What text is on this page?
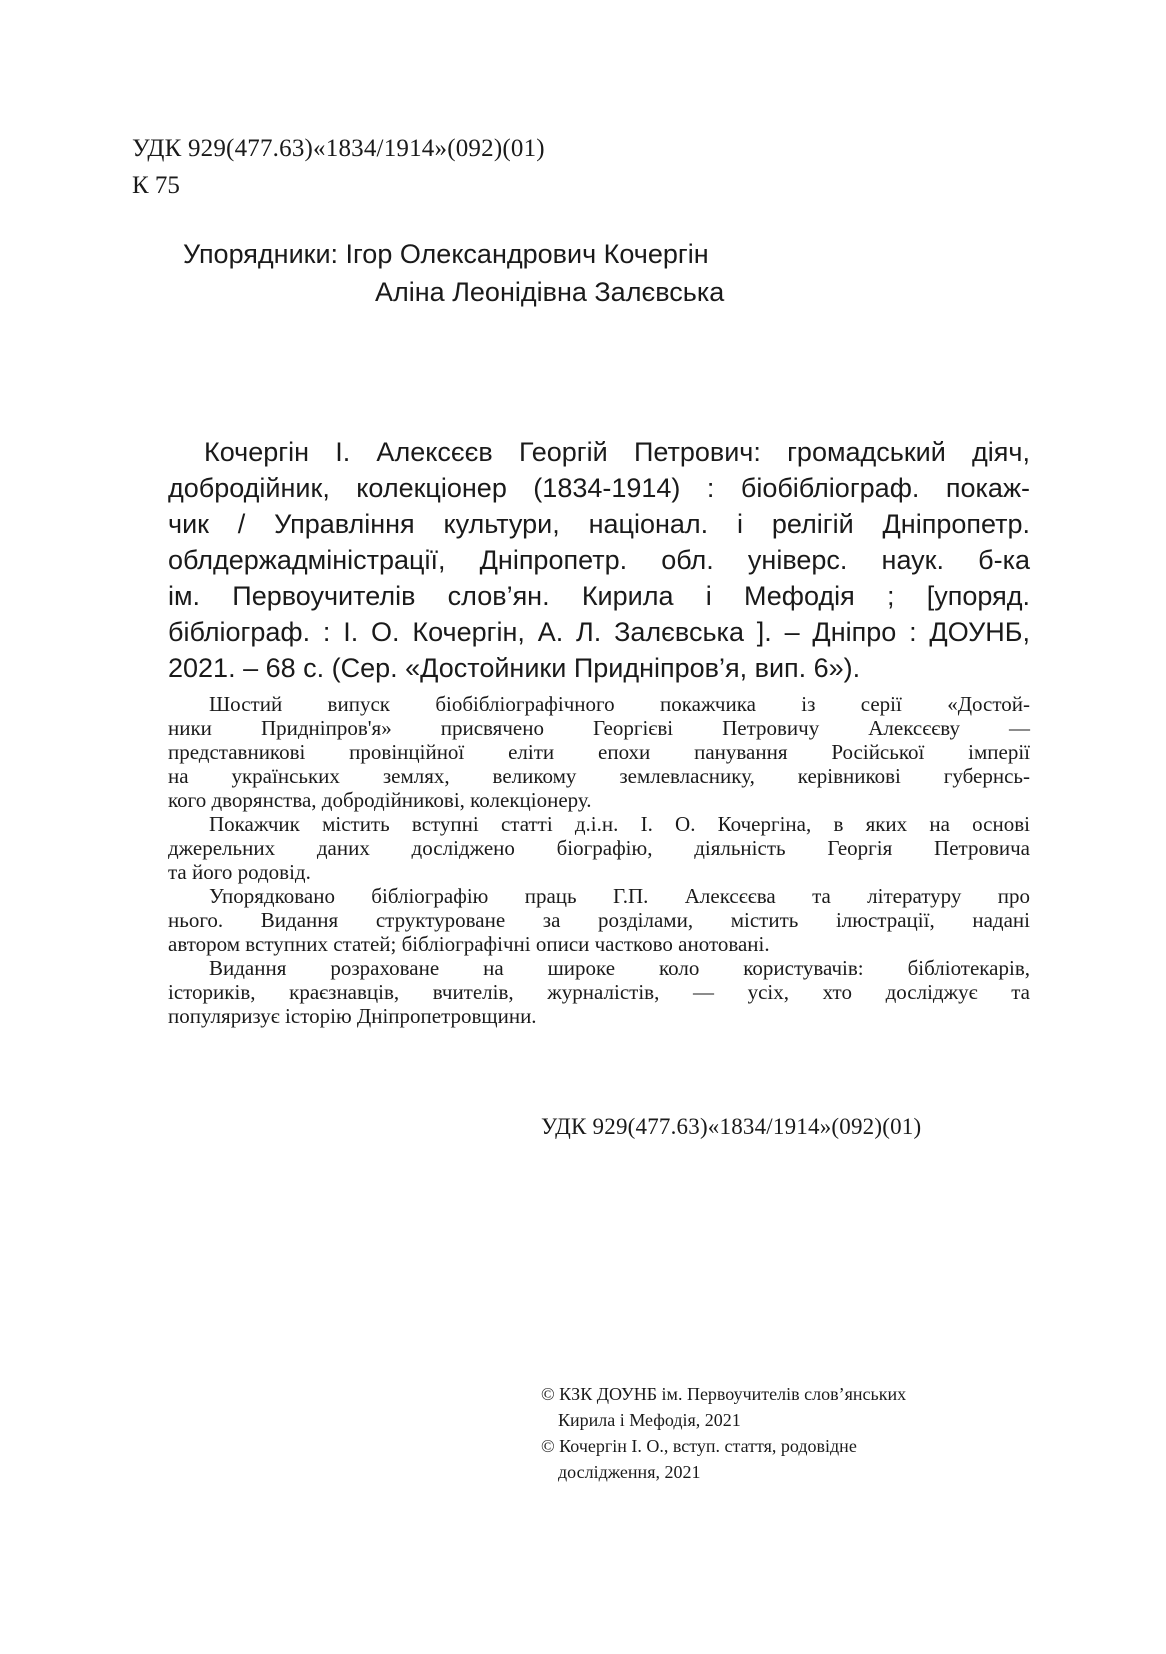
УДК 929(477.63)«1834/1914»(092)(01)
К 75
Упорядники: Ігор Олександрович Кочергін
Аліна Леонідівна Залєвська
Кочергін І. Алексєєв Георгій Петрович: громадський діяч,
добродійник, колекціонер (1834-1914) : біобібліограф. покаж-
чик / Управління культури, націонал. і релігій Дніпропетр.
облдержадміністрації, Дніпропетр. обл. універс. наук. б-ка
ім. Первоучителів слов’ян. Кирила і Мефодія ; [упоряд.
бібліограф. : І. О. Кочергін, А. Л. Залєвська ]. – Дніпро : ДОУНБ,
2021. – 68 с. (Сер. «Достойники Придніпров’я, вип. 6»).
Шостий випуск біобібліографічного покажчика із серії «Достой-
ники Придніпров'я» присвячено Георгієві Петровичу Алексєєву —
представникові провінційної еліти епохи панування Російської імперії
на українських землях, великому землевласнику, керівникові губернсь-
кого дворянства, добродійникові, колекціонеру.
Покажчик містить вступні статті д.і.н. І. О. Кочергіна, в яких на основі
джерельних даних досліджено біографію, діяльність Георгія Петровича
та його родовід.
Упорядковано бібліографію праць Г.П. Алексєєва та літературу про
нього. Видання структуроване за розділами, містить ілюстрації, надані
автором вступних статей; бібліографічні описи частково анотовані.
Видання розраховане на широке коло користувачів: бібліотекарів,
істориків, краєзнавців, вчителів, журналістів, — усіх, хто досліджує та
популяризує історію Дніпропетровщини.
УДК 929(477.63)«1834/1914»(092)(01)
© КЗК ДОУНБ ім. Первоучителів слов’янських
Кирила і Мефодія, 2021
© Кочергін І. О., вступ. стаття, родовідне
дослідження, 2021
